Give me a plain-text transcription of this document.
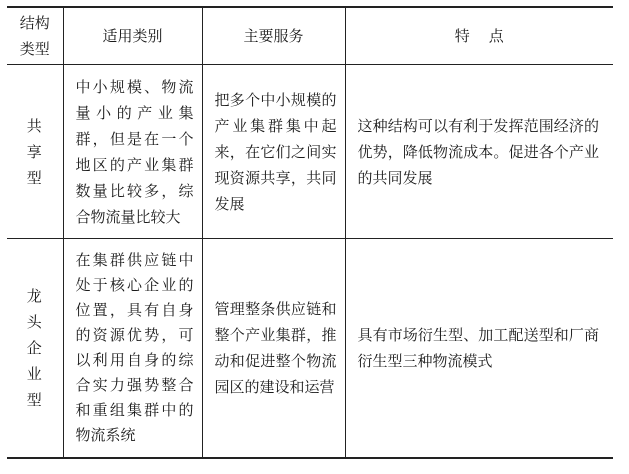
结构
类型	适用类别	主要服务	特    点

共
享
型	中小规模、物流量小的产业集群，但是在一个地区的产业集群数量比较多，综合物流量比较大	把多个中小规模的产业集群集中起来，在它们之间实现资源共享，共同发展	这种结构可以有利于发挥范围经济的优势，降低物流成本。促进各个产业的共同发展

龙
头
企
业
型	在集群供应链中处于核心企业的位置，具有自身的资源优势，可以利用自身的综合实力强势整合和重组集群中的物流系统	管理整条供应链和整个产业集群，推动和促进整个物流园区的建设和运营	具有市场衍生型、加工配送型和厂商衍生型三种物流模式
